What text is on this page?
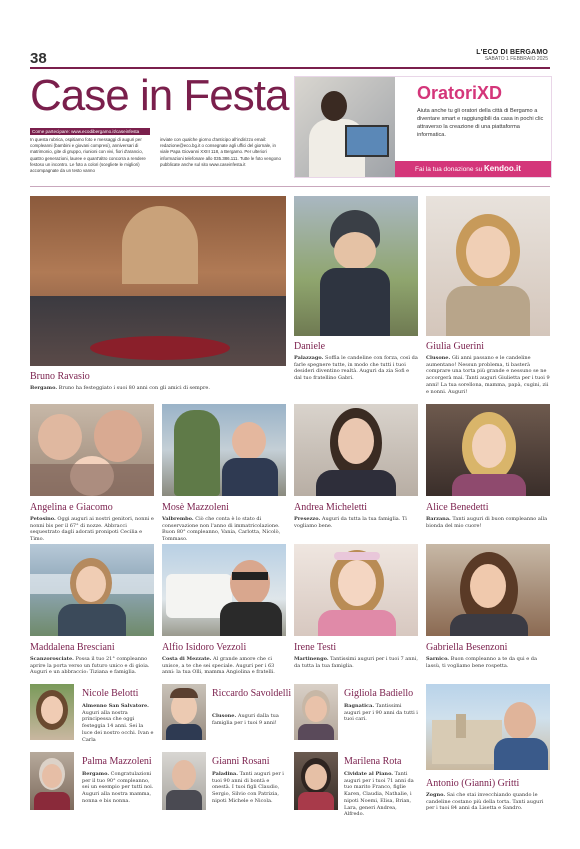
38	L'ECO DI BERGAMO
SABATO 1 FEBBRAIO 2025
Case in Festa
Come partecipare: www.ecodibergamo.it/caseinfesta
In questa rubrica, ospitiamo foto e messaggi di auguri per compleanni (bambini e giovani compresi), anniversari di matrimonio, gite di gruppo, riunioni con vivi, fiori d'arancio, quattro generazioni, lauree e quant'altro concorra a rendere festoso un incontro. Le foto a colori (scegliete le migliori) accompagnate da un testo vanno
inviate con qualche giorno d'anticipo all'indirizzo email: redazione@eco.bg.it o consegnate agli uffici del giornale, in viale Papa Giovanni XXIII 118, a Bergamo. Per ulteriori informazioni telefonare allo 035.386.111. Tutte le foto vengono pubblicate anche sul sito www.caseinfesta.it
OratoriXD
Aiuta anche tu gli oratori della città di Bergamo a diventare smart e raggiungibili da casa in pochi clic attraverso la creazione di una piattaforma informatica.
Fai la tua donazione su Kendoo.it
Bruno Ravasio
Bergamo. Bruno ha festeggiato i suoi 80 anni con gli amici di sempre.
Daniele
Palazzago. Soffia le candeline con forza, così da farle spegnere tutte, in modo che tutti i tuoi desideri diventino realtà. Auguri da zia Sofi e dal tuo fratellino Gabri.
Giulia Guerini
Clusone. Gli anni passano e le candeline aumentano! Nessun problema, ti basterà comprare una torta più grande e nessuno se ne accorgerà mai. Tanti auguri Giulietta per i tuoi 9 anni! La tua sorellona, mamma, papà, cugini, zii e nonni. Auguri!
Angelina e Giacomo
Petosino. Oggi auguri ai nostri genitori, nonni e nonni bis per il 67° di nozze. Abbracci sequestrato dagli adorati pronipoti Cecilia e Timo.
Mosè Mazzoleni
Valbrembo. Ciò che conta è lo stato di conservazione non l'anno di immatricolazione. Buon 80° compleanno, Vania, Carlotta, Nicolò, Tommaso.
Andrea Micheletti
Presezzo. Auguri da tutta la tua famiglia. Ti vogliamo bene.
Alice Benedetti
Barzana. Tanti auguri di buon compleanno alla bionda del mio cuore!
Maddalena Bresciani
Scanzorosciate. Possa il tuo 21° compleanno aprire la porta verso un futuro unico e di gioia. Auguri e un abbraccio: Tiziana e famiglia.
Alfio Isidoro Vezzoli
Costa di Mezzate. Al grande amore che ci unisce, a te che sei speciale. Auguri per i 63 anni: la tua Olli, mamma Angiolina e fratelli.
Irene Testi
Martinengo. Tantissimi auguri per i tuoi 7 anni, da tutta la tua famiglia.
Gabriella Besenzoni
Sarnico. Buon compleanno a te da qui e da lassù, ti vogliamo bene rospetta.
Nicole Belotti
Almenno San Salvatore. Auguri alla nostra principessa che oggi festeggia 14 anni. Sei la luce dei nostro occhi. Ivan e Carla
Riccardo Savoldelli
Clusone. Auguri dalla tua famiglia per i tuoi 9 anni!
Gigliola Badiello
Bagnatica. Tantissimi auguri per i 90 anni da tutti i tuoi cari.
Antonio (Gianni) Gritti
Zogno. Sai che stai invecchiando quando le candeline costano più della torta. Tanti auguri per i tuoi 84 anni da Lisetta e Sandro.
Palma Mazzoleni
Bergamo. Congratulazioni per il tuo 90° compleanno, sei un esempio per tutti noi. Auguri alla nostra mamma, nonna e bis nonna.
Gianni Rosani
Paladina. Tanti auguri per i tuoi 90 anni di bontà e onestà. I tuoi figli Claudio, Sergio, Silvio con Patrizia, nipoti Michele e Nicola.
Marilena Rota
Cividate al Piano. Tanti auguri per i tuoi 71 anni da tuo marito Franco, figlie Karen, Claudia, Nathalie, i nipoti Noemi, Elisa, Brian, Lara, generi Andrea, Alfredo.
